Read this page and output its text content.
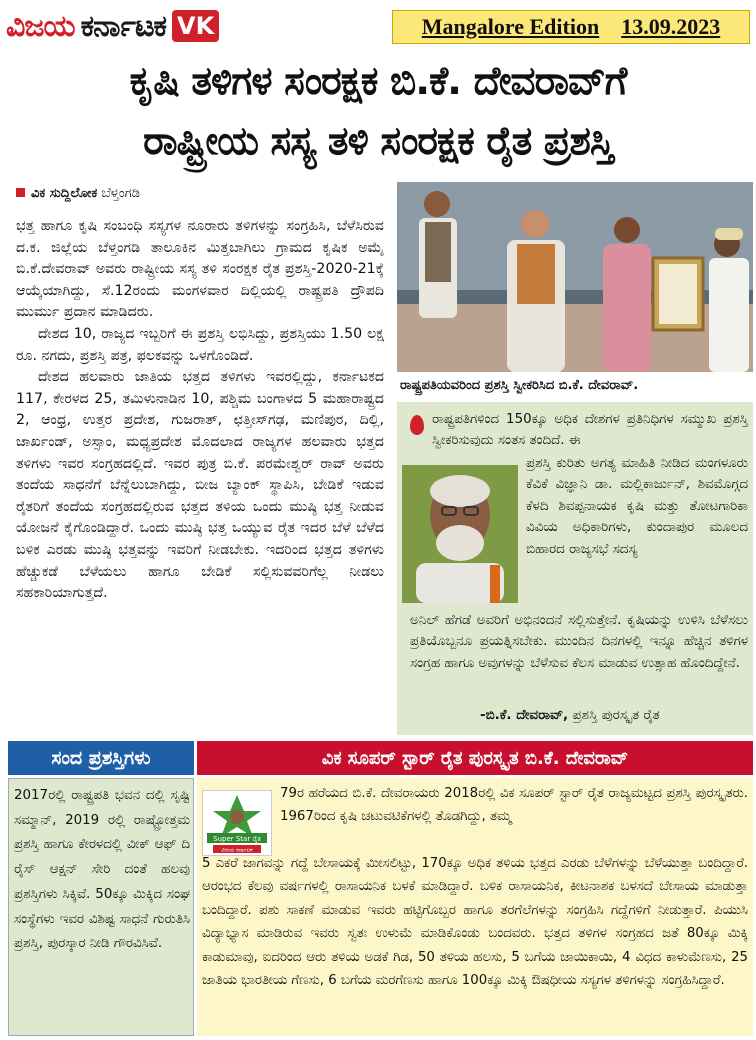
ವಿಜಯ ಕರ್ನಾಟಕ VK	Mangalore Edition 13.09.2023
ಕೃಷಿ ತಳಿಗಳ ಸಂರಕ್ಷಕ ಬಿ.ಕೆ. ದೇವರಾವ್‌ಗೆ
ರಾಷ್ಟ್ರೀಯ ಸಸ್ಯ ತಳಿ ಸಂರಕ್ಷಕ ರೈತ ಪ್ರಶಸ್ತಿ
ವಿಕ ಸುದ್ದಿಲೋಕ ಬೆಳ್ತಂಗಡಿ

ಭತ್ತ ಹಾಗೂ ಕೃಷಿ ಸಂಬಂಧಿ ಸಸ್ಯಗಳ ನೂರಾರು ತಳಿಗಳನ್ನು ಸಂಗ್ರಹಿಸಿ, ಬೆಳೆಸಿರುವ ದ.ಕ. ಜಿಲ್ಲೆಯ ಬೆಳ್ತಂಗಡಿ ತಾಲೂಕಿನ ಮಿತ್ತಬಾಗಿಲು ಗ್ರಾಮದ ಕೃಷಿಕ ಅಮೈ ಬಿ.ಕೆ.ದೇವರಾವ್ ಅವರು ರಾಷ್ಟ್ರೀಯ ಸಸ್ಯ ತಳಿ ಸಂರಕ್ಷಕ ರೈತ ಪ್ರಶಸ್ತಿ-2020-21ಕ್ಕೆ ಆಯ್ಕೆಯಾಗಿದ್ದು, ಸೆ.12ರಂದು ಮಂಗಳವಾರ ದಿಲ್ಲಿಯಲ್ಲಿ ರಾಷ್ಟ್ರಪತಿ ದ್ರೌಪದಿ ಮುರ್ಮು ಪ್ರದಾನ ಮಾಡಿದರು.

ದೇಶದ 10, ರಾಜ್ಯದ ಇಬ್ಬರಿಗೆ ಈ ಪ್ರಶಸ್ತಿ ಲಭಿಸಿದ್ದು, ಪ್ರಶಸ್ತಿಯು 1.50 ಲಕ್ಷ ರೂ. ನಗದು, ಪ್ರಶಸ್ತಿ ಪತ್ರ, ಫಲಕವನ್ನು ಒಳಗೊಂಡಿದೆ.

ದೇಶದ ಹಲವಾರು ಜಾತಿಯ ಭತ್ತದ ತಳಿಗಳು ಇವರಲ್ಲಿದ್ದು, ಕರ್ನಾಟಕದ 117, ಕೇರಳದ 25, ತಮಿಳುನಾಡಿನ 10, ಪಶ್ಚಿಮ ಬಂಗಾಳದ 5 ಮಹಾರಾಷ್ಟ್ರದ 2, ಆಂಧ್ರ, ಉತ್ತರ ಪ್ರದೇಶ, ಗುಜರಾತ್, ಛತ್ತೀಸ್‌ಗಢ, ಮಣಿಪುರ, ದಿಲ್ಲಿ, ಜಾರ್ಖಂಡ್, ಅಸ್ಸಾಂ, ಮಧ್ಯಪ್ರದೇಶ ಮೊದಲಾದ ರಾಜ್ಯಗಳ ಹಲವಾರು ಭತ್ತದ ತಳಿಗಳು ಇವರ ಸಂಗ್ರಹದಲ್ಲಿದೆ. ಇವರ ಪುತ್ರ ಬಿ.ಕೆ. ಪರಮೇಶ್ವರ್ ರಾವ್ ಅವರು ತಂದೆಯ ಸಾಧನೆಗೆ ಬೆನ್ನೆಲುಬಾಗಿದ್ದು, ಬೀಜ ಬ್ಯಾಂಕ್ ಸ್ಥಾಪಿಸಿ, ಬೇಡಿಕೆ ಇಡುವ ರೈತರಿಗೆ ತಂದೆಯ ಸಂಗ್ರಹದಲ್ಲಿರುವ ಭತ್ತದ ತಳಿಯ ಒಂದು ಮುಷ್ಠಿ ಭತ್ತ ನೀಡುವ ಯೋಜನೆ ಕೈಗೊಂಡಿದ್ದಾರೆ. ಒಂದು ಮುಷ್ಠಿ ಭತ್ತ ಒಯ್ಯುವ ರೈತ ಇದರ ಬೆಳೆ ಬೆಳೆದ ಬಳಿಕ ಎರಡು ಮುಷ್ಠಿ ಭತ್ತವನ್ನು ಇವರಿಗೆ ನೀಡಬೇಕು. ಇದರಿಂದ ಭತ್ತದ ತಳಿಗಳು ಹೆಚ್ಚುಕಡೆ ಬೆಳೆಯಲು ಹಾಗೂ ಬೇಡಿಕೆ ಸಲ್ಲಿಸುವವರಿಗೆಲ್ಲ ನೀಡಲು ಸಹಕಾರಿಯಾಗುತ್ತದೆ.

ರಾಷ್ಟ್ರಪತಿಯವರಿಂದ ಪ್ರಶಸ್ತಿ ಸ್ವೀಕರಿಸಿದ ಬಿ.ಕೆ. ದೇವರಾವ್.
ರಾಷ್ಟ್ರಪತಿಗಳಿಂದ 150ಕ್ಕೂ ಅಧಿಕ ದೇಶಗಳ ಪ್ರತಿನಿಧಿಗಳ ಸಮ್ಮುಖ ಪ್ರಶಸ್ತಿ ಸ್ವೀಕರಿಸುವುದು ಸಂತಸ ತಂದಿದೆ. ಈ
ಪ್ರಶಸ್ತಿ ಕುರಿತು ಅಗತ್ಯ ಮಾಹಿತಿ ನೀಡಿದ ಮಂಗಳೂರು ಕೆವಿಕೆ ವಿಜ್ಞಾನಿ ಡಾ. ಮಲ್ಲಿಕಾರ್ಜುನ್, ಶಿವಮೊಗ್ಗದ ಕೆಳದಿ ಶಿವಪ್ಪನಾಯಕ ಕೃಷಿ ಮತ್ತು ತೋಟಗಾರಿಕಾ ವಿವಿಯ ಅಧಿಕಾರಿಗಳು, ಕುಂದಾಪುರ ಮೂಲದ ಬಿಹಾರದ ರಾಜ್ಯಸಭೆ ಸದಸ್ಯ
ಅನಿಲ್ ಹೆಗಡೆ ಅವರಿಗೆ ಅಭಿನಂದನೆ ಸಲ್ಲಿಸುತ್ತೇನೆ. ಕೃಷಿಯನ್ನು ಉಳಿಸಿ ಬೆಳೆಸಲು ಪ್ರತಿಯೊಬ್ಬನೂ ಪ್ರಯತ್ನಿಸಬೇಕು. ಮುಂದಿನ ದಿನಗಳಲ್ಲಿ ಇನ್ನೂ ಹೆಚ್ಚಿನ ತಳಿಗಳ ಸಂಗ್ರಹ ಹಾಗೂ ಅವುಗಳನ್ನು ಬೆಳೆಸುವ ಕೆಲಸ ಮಾಡುವ ಉತ್ಸಾಹ ಹೊಂದಿದ್ದೇನೆ.
-ಬಿ.ಕೆ. ದೇವರಾವ್, ಪ್ರಶಸ್ತಿ ಪುರಸ್ಕೃತ ರೈತ
ಸಂದ ಪ್ರಶಸ್ತಿಗಳು
2017ರಲ್ಲಿ ರಾಷ್ಟ್ರಪತಿ ಭವನ ದಲ್ಲಿ ಸೃಷ್ಟಿ ಸಮ್ಮಾನ್, 2019 ರಲ್ಲಿ ರಾಷ್ಟ್ರೋತ್ತಮ ಪ್ರಶಸ್ತಿ ಹಾಗೂ ಕೇರಳದಲ್ಲಿ ವೀಕ್ ಆಫ್ ದಿ ರೈಸ್ ಆಕ್ಷನ್ ಸೇರಿ ದಂತೆ ಹಲವು ಪ್ರಶಸ್ತಿಗಳು ಸಿಕ್ಕಿವೆ. 50ಕ್ಕೂ ಮಿಕ್ಕಿದ ಸಂಘ ಸಂಸ್ಥೆಗಳು ಇವರ ವಿಶಿಷ್ಟ ಸಾಧನೆ ಗುರುತಿಸಿ ಪ್ರಶಸ್ತಿ, ಪುರಸ್ಕಾರ ನೀಡಿ ಗೌರವಿಸಿವೆ.
ವಿಕ ಸೂಪರ್ ಸ್ಟಾರ್ ರೈತ ಪುರಸ್ಕೃತ ಬಿ.ಕೆ. ದೇವರಾವ್
Super Star ರೈತ
ವಿಜಯ ಕರ್ನಾಟಕ
79ರ ಹರೆಯದ ಬಿ.ಕೆ. ದೇವರಾಯರು 2018ರಲ್ಲಿ ವಿಕ ಸೂಪರ್ ಸ್ಟಾರ್ ರೈತ ರಾಜ್ಯಮಟ್ಟದ ಪ್ರಶಸ್ತಿ ಪುರಸ್ಕೃತರು. 1967ರಿಂದ ಕೃಷಿ ಚಟುವಟಿಕೆಗಳಲ್ಲಿ ತೊಡಗಿದ್ದು, ತಮ್ಮ
5 ಎಕರೆ ಜಾಗವನ್ನು ಗದ್ದೆ ಬೇಸಾಯಕ್ಕೆ ಮೀಸಲಿಟ್ಟು, 170ಕ್ಕೂ ಅಧಿಕ ತಳಿಯ ಭತ್ತದ ಎರಡು ಬೆಳೆಗಳನ್ನು ಬೆಳೆಯುತ್ತಾ ಬಂದಿದ್ದಾರೆ. ಆರಂಭದ ಕೆಲವು ವರ್ಷಗಳಲ್ಲಿ ರಾಸಾಯನಿಕ ಬಳಕೆ ಮಾಡಿದ್ದಾರೆ. ಬಳಿಕ ರಾಸಾಯನಿಕ, ಕೀಟನಾಶಕ ಬಳಸದೆ ಬೇಸಾಯ ಮಾಡುತ್ತಾ ಬಂದಿದ್ದಾರೆ. ಪಶು ಸಾಕಣೆ ಮಾಡುವ ಇವರು ಹಟ್ಟಿಗೊಬ್ಬರ ಹಾಗೂ ತರಗೆಲೆಗಳನ್ನು ಸಂಗ್ರಹಿಸಿ ಗದ್ದೆಗಳಿಗೆ ನೀಡುತ್ತಾರೆ. ಪಿಯುಸಿ ವಿದ್ಯಾಭ್ಯಾಸ ಮಾಡಿರುವ ಇವರು ಸ್ವತಃ ಉಳುಮೆ ಮಾಡಿಕೊಂಡು ಬಂದವರು. ಭತ್ತದ ತಳಿಗಳ ಸಂಗ್ರಹದ ಜತೆ 80ಕ್ಕೂ ಮಿಕ್ಕಿ ಕಾಡುಮಾವು, ಐದರಿಂದ ಆರು ತಳಿಯ ಅಡಕೆ ಗಿಡ, 50 ತಳಿಯ ಹಲಸು, 5 ಬಗೆಯ ಜಾಯಿಕಾಯಿ, 4 ವಿಧದ ಕಾಳುಮೆಣಸು, 25 ಜಾತಿಯ ಭಾರತೀಯ ಗೆಣಸು, 6 ಬಗೆಯ ಮರಗೆಣಸು ಹಾಗೂ 100ಕ್ಕೂ ಮಿಕ್ಕಿ ಔಷಧೀಯ ಸಸ್ಯಗಳ ತಳಿಗಳನ್ನು ಸಂಗ್ರಹಿಸಿದ್ದಾರೆ.
